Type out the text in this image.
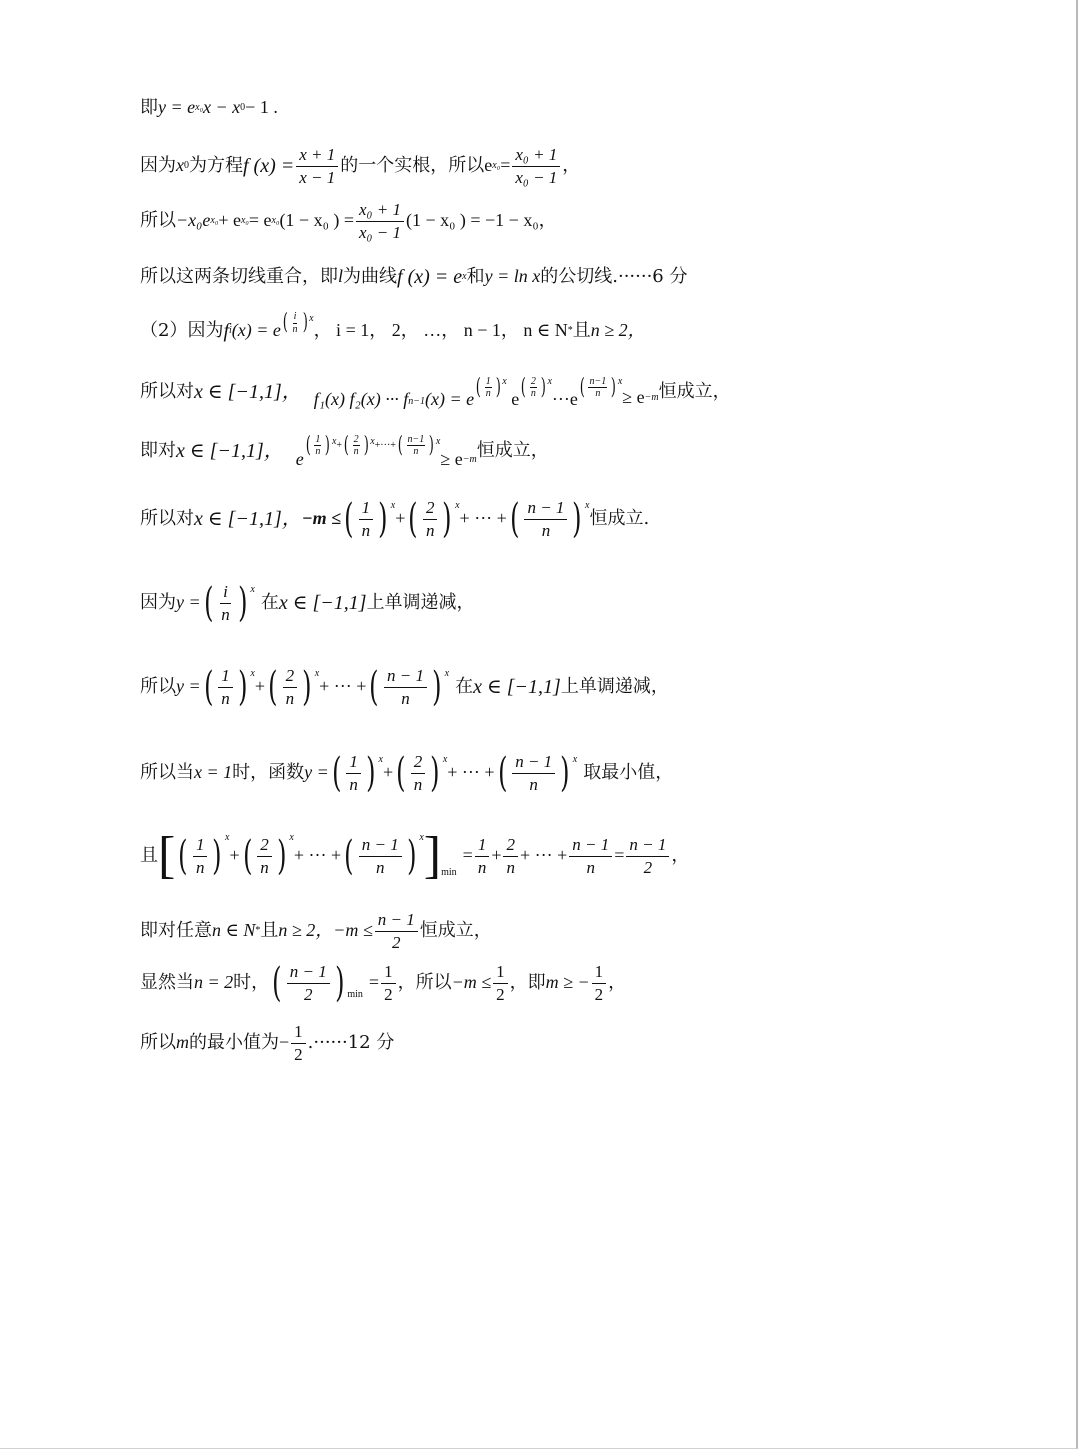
即 y = e x₀ x − x 0 − 1 .
因为 x 0 为方程 f $(x) = \frac{x + 1}{x - 1}$ 的一个实根，所以 e $x_0 = \frac{\text{x₀ + 1}}{\text{x₀ − 1}}$ ，
所以 −x₀e x₀ + e x₀ = e x₀ (1 − x₀ ) = $\frac{\text{x₀ + 1}}{\text{x₀ − 1}} (1 - x_0$ ) = −1 − x₀ ，
所以这两条切线重合，即 l 为曲线 f (x) = e x 和 y = ln x 的公切线.······6 分
（2）因为 f i (x) = e ( $\frac{i}{n}$ ) x
， i = 1， 2， …， n − 1， n ∈ N * 且 n ≥ 2，
所以对 x ∈ [−1,1]， f₁(x) f₂(x) ··· f n−1 (x) = e ( $\frac{1}{n}$ ) x
e ( $\frac{2}{n}$ ) x
···e ( $\frac{n-1}{n}$ ) x
≥ e −m 恒成立，
即对 x ∈ [−1,1]， e
( $\frac{1}{n}$ ) x + ( $\frac{2}{n}$ ) x +···+ ( $\frac{n-1}{n}$ ) x
≥ e −m 恒成立，
所以对 x ∈ [−1,1]， −m ≤ ( $\frac{1}{n}$ ) x
+ ( $\frac{2}{n}$ ) x
+ ··· + ( $\frac{n - 1}{n}$ ) x
恒成立.
因为 y = ( $\frac{i}{n}$ ) x
在 x ∈ [−1,1] 上单调递减，
所以 y = ( $\frac{1}{n}$ ) x
+ ( $\frac{2}{n}$ ) x
+ ··· + ( $\frac{n - 1}{n}$ ) x
在 x ∈ [−1,1] 上单调递减，
所以当 x = 1 时，函数 y = ( $\frac{1}{n}$ ) x
+ ( $\frac{2}{n}$ ) x
+ ··· + ( $\frac{n - 1}{n}$ ) x
取最小值，
且 [ ( $\frac{1}{n}$ ) x
+ ( $\frac{2}{n}$ ) x
+ ··· + ( $\frac{n - 1}{n}$ ) x ] min
= $\frac{1}{n} + \frac{2}{n}$ + ··· + $\frac{n - 1}{n} = \frac{n - 1}{2}$ ，
即对任意 n ∈ N * 且 n ≥ 2， $-m \le \frac{n - 1}{2}$ 恒成立，
显然当 n = 2 时， ( $\frac{n - 1}{2}$ ) min
= $\frac{1}{2}$ ，所以 $-m \le \frac{1}{2}$ ，即 m ≥ − $\frac{1}{2}$ ，
所以 m 的最小值为 − $\frac{1}{2} .\cdot\cdot\cdot\cdot\cdot\cdot 12$ 分
